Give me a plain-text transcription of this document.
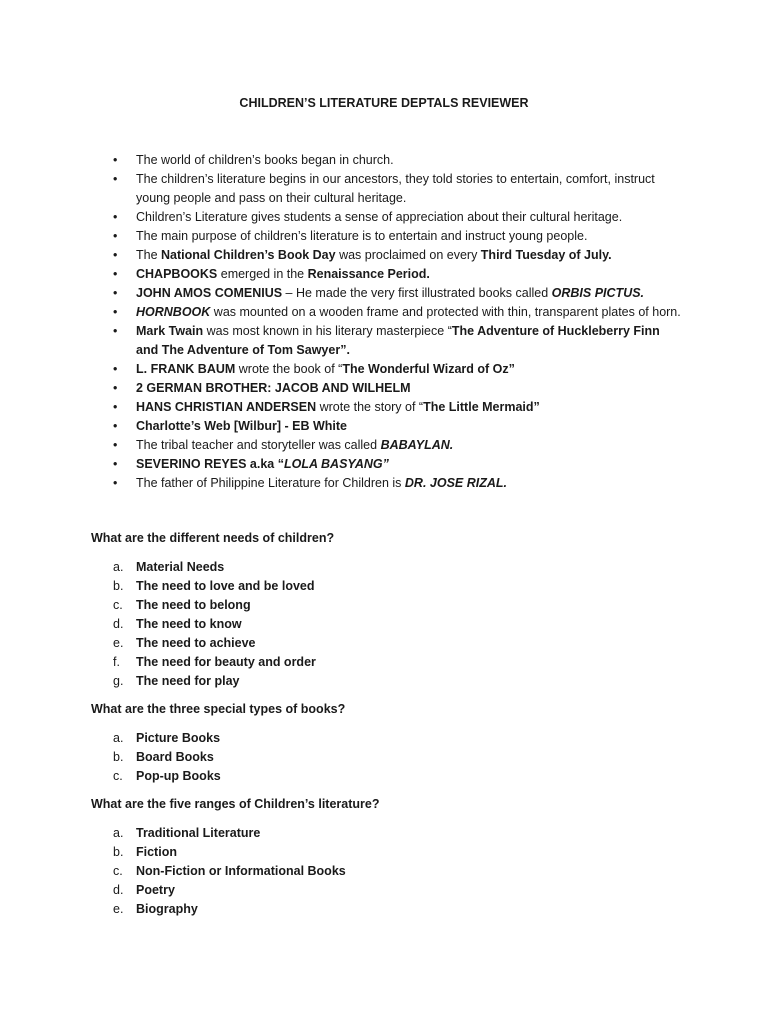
CHILDREN’S LITERATURE DEPTALS REVIEWER
• The world of children’s books began in church.
• The children’s literature begins in our ancestors, they told stories to entertain, comfort, instruct young people and pass on their cultural heritage.
• Children’s Literature gives students a sense of appreciation about their cultural heritage.
• The main purpose of children’s literature is to entertain and instruct young people.
• The National Children’s Book Day was proclaimed on every Third Tuesday of July.
• CHAPBOOKS emerged in the Renaissance Period.
• JOHN AMOS COMENIUS – He made the very first illustrated books called ORBIS PICTUS.
• HORNBOOK was mounted on a wooden frame and protected with thin, transparent plates of horn.
• Mark Twain was most known in his literary masterpiece “The Adventure of Huckleberry Finn and The Adventure of Tom Sawyer”.
• L. FRANK BAUM wrote the book of “The Wonderful Wizard of Oz”
• 2 GERMAN BROTHER: JACOB AND WILHELM
• HANS CHRISTIAN ANDERSEN wrote the story of “The Little Mermaid”
• Charlotte’s Web [Wilbur] - EB White
• The tribal teacher and storyteller was called BABAYLAN.
• SEVERINO REYES a.ka “LOLA BASYANG”
• The father of Philippine Literature for Children is DR. JOSE RIZAL.
What are the different needs of children?
a.	Material Needs
b.	The need to love and be loved
c.	The need to belong
d.	The need to know
e.	The need to achieve
f.	The need for beauty and order
g.	The need for play
What are the three special types of books?
a.	Picture Books
b.	Board Books
c.	Pop-up Books
What are the five ranges of Children’s literature?
a.	Traditional Literature
b.	Fiction
c.	Non-Fiction or Informational Books
d.	Poetry
e.	Biography
